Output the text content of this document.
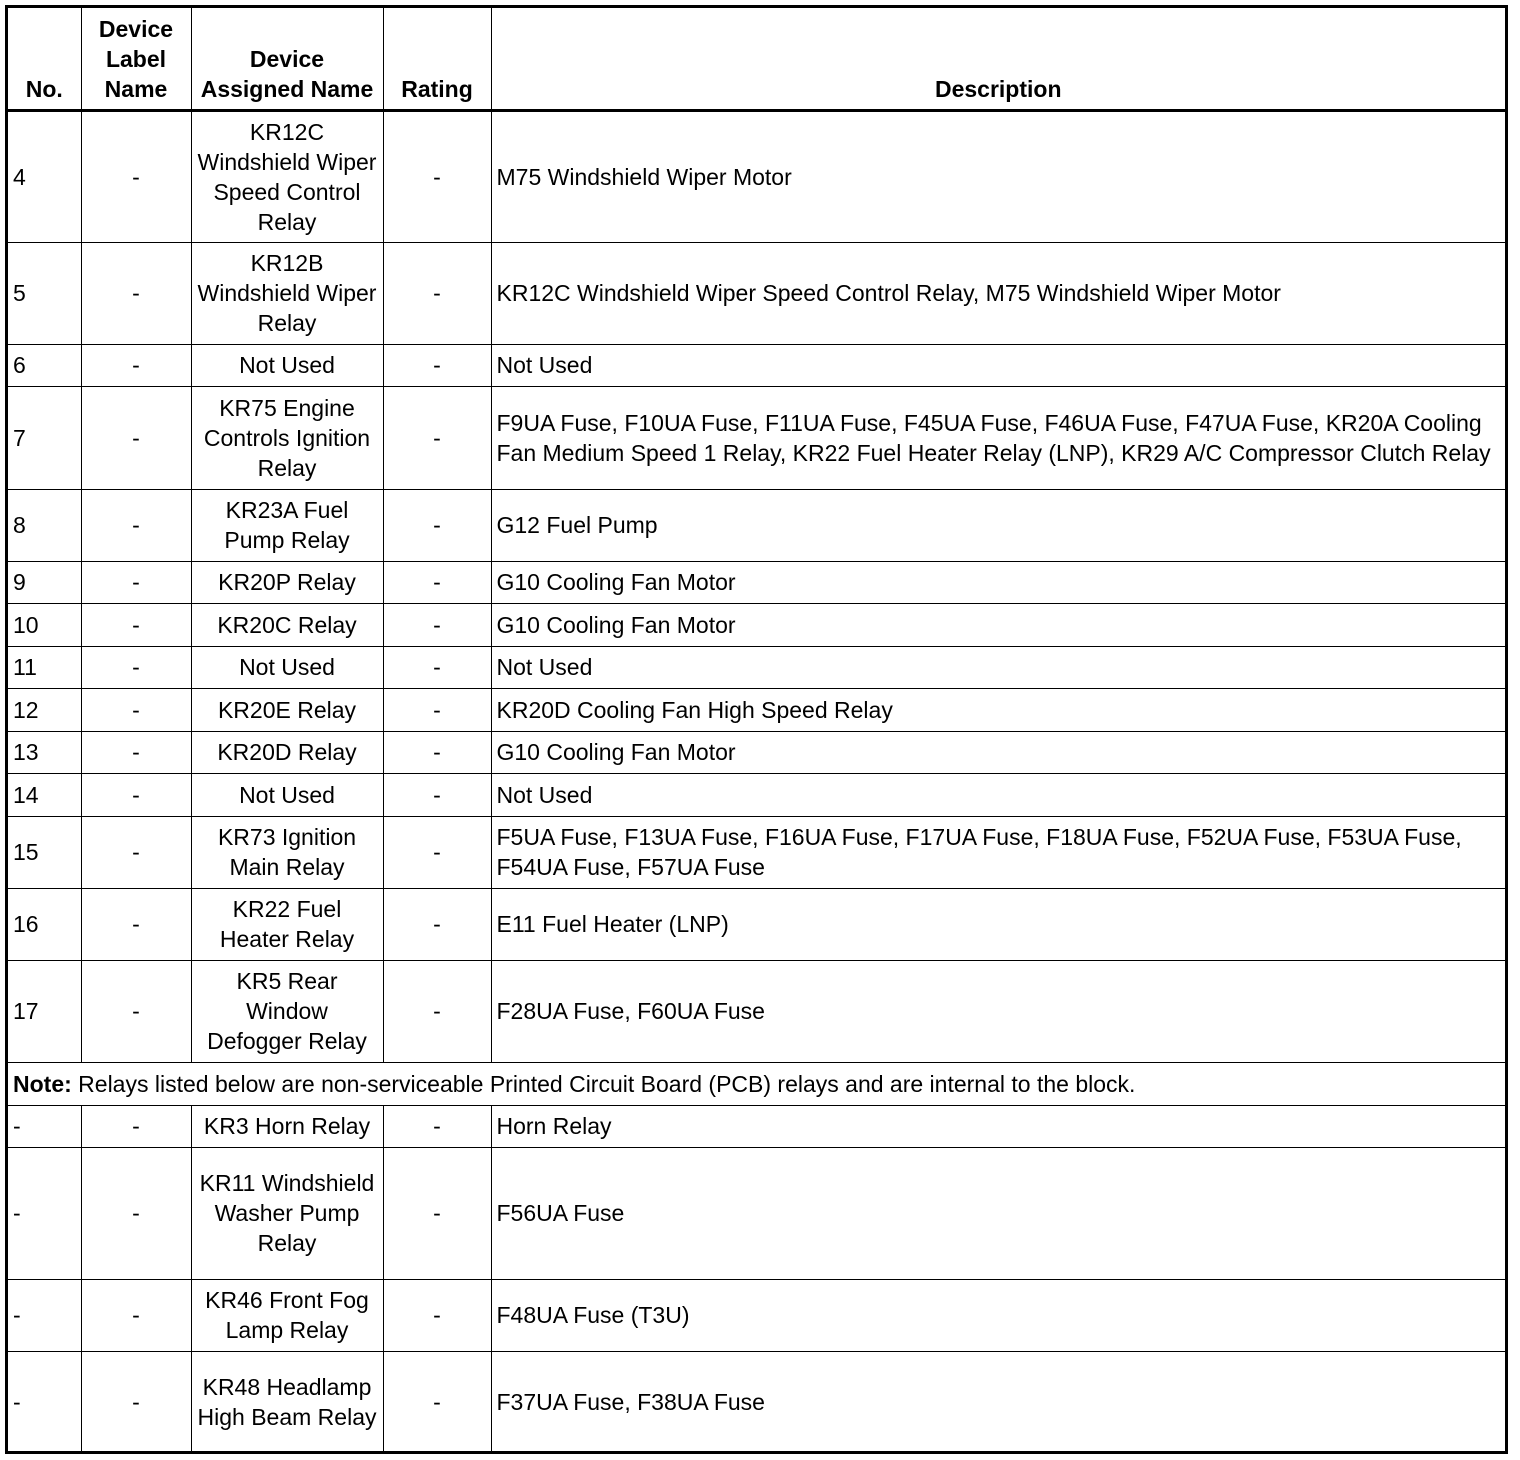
No.	Device Label Name	Device Assigned Name	Rating	Description
4	-	KR12C Windshield Wiper Speed Control Relay	-	M75 Windshield Wiper Motor
5	-	KR12B Windshield Wiper Relay	-	KR12C Windshield Wiper Speed Control Relay, M75 Windshield Wiper Motor
6	-	Not Used	-	Not Used
7	-	KR75 Engine Controls Ignition Relay	-	F9UA Fuse, F10UA Fuse, F11UA Fuse, F45UA Fuse, F46UA Fuse, F47UA Fuse, KR20A Cooling Fan Medium Speed 1 Relay, KR22 Fuel Heater Relay (LNP), KR29 A/C Compressor Clutch Relay
8	-	KR23A Fuel Pump Relay	-	G12 Fuel Pump
9	-	KR20P Relay	-	G10 Cooling Fan Motor
10	-	KR20C Relay	-	G10 Cooling Fan Motor
11	-	Not Used	-	Not Used
12	-	KR20E Relay	-	KR20D Cooling Fan High Speed Relay
13	-	KR20D Relay	-	G10 Cooling Fan Motor
14	-	Not Used	-	Not Used
15	-	KR73 Ignition Main Relay	-	F5UA Fuse, F13UA Fuse, F16UA Fuse, F17UA Fuse, F18UA Fuse, F52UA Fuse, F53UA Fuse, F54UA Fuse, F57UA Fuse
16	-	KR22 Fuel Heater Relay	-	E11 Fuel Heater (LNP)
17	-	KR5 Rear Window Defogger Relay	-	F28UA Fuse, F60UA Fuse
Note: Relays listed below are non-serviceable Printed Circuit Board (PCB) relays and are internal to the block.				
-	-	KR3 Horn Relay	-	Horn Relay
-	-	KR11 Windshield Washer Pump Relay	-	F56UA Fuse
-	-	KR46 Front Fog Lamp Relay	-	F48UA Fuse (T3U)
-	-	KR48 Headlamp High Beam Relay	-	F37UA Fuse, F38UA Fuse
